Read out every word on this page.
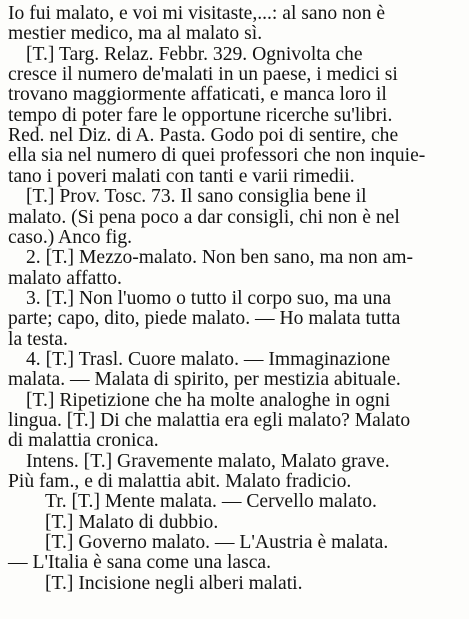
Io fui malato, e voi mi visitaste,...: al sano non è
mestier medico, ma al malato sì.
[T.] Targ. Relaz. Febbr. 329. Ognivolta che
cresce il numero de'malati in un paese, i medici si
trovano maggiormente affaticati, e manca loro il
tempo di poter fare le opportune ricerche su'libri.
Red. nel Diz. di A. Pasta. Godo poi di sentire, che
ella sia nel numero di quei professori che non inquie-
tano i poveri malati con tanti e varii rimedii.
[T.] Prov. Tosc. 73. Il sano consiglia bene il
malato. (Si pena poco a dar consigli, chi non è nel
caso.) Anco fig.
2. [T.] Mezzo-malato. Non ben sano, ma non am-
malato affatto.
3. [T.] Non l'uomo o tutto il corpo suo, ma una
parte; capo, dito, piede malato. — Ho malata tutta
la testa.
4. [T.] Trasl. Cuore malato. — Immaginazione
malata. — Malata di spirito, per mestizia abituale.
[T.] Ripetizione che ha molte analoghe in ogni
lingua. [T.] Di che malattia era egli malato? Malato
di malattia cronica.
Intens. [T.] Gravemente malato, Malato grave.
Più fam., e di malattia abit. Malato fradicio.
Tr. [T.] Mente malata. — Cervello malato.
[T.] Malato di dubbio.
[T.] Governo malato. — L'Austria è malata.
— L'Italia è sana come una lasca.
[T.] Incisione negli alberi malati.
